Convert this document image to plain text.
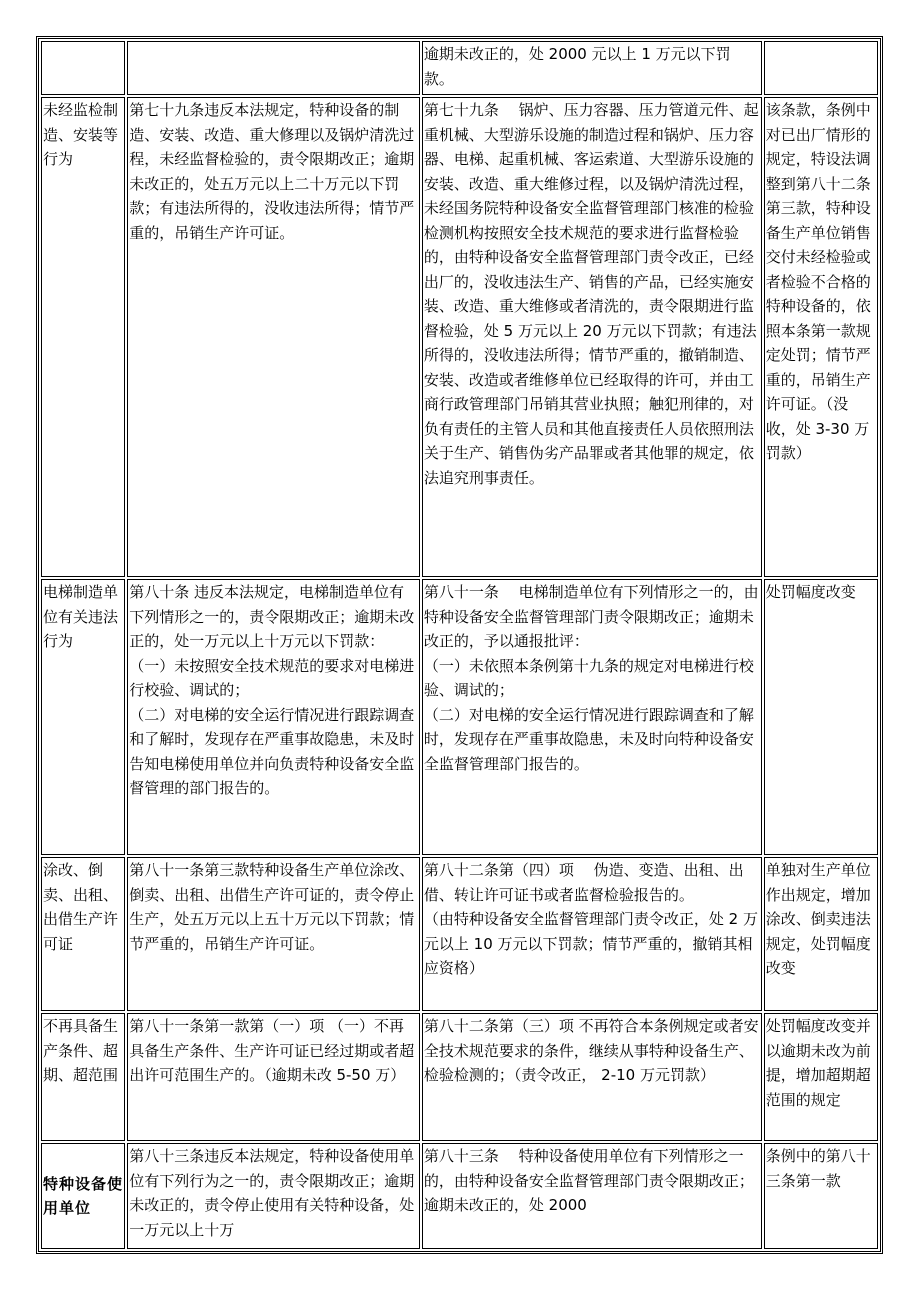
		逾期未改正的，处 2000 元以上 1 万元以下罚款。	
未经监检制造、安装等行为	第七十九条违反本法规定，特种设备的制造、安装、改造、重大修理以及锅炉清洗过程，未经监督检验的，责令限期改正；逾期未改正的，处五万元以上二十万元以下罚款；有违法所得的，没收违法所得；情节严重的，吊销生产许可证。	第七十九条　 锅炉、压力容器、压力管道元件、起重机械、大型游乐设施的制造过程和锅炉、压力容器、电梯、起重机械、客运索道、大型游乐设施的安装、改造、重大维修过程，以及锅炉清洗过程，未经国务院特种设备安全监督管理部门核准的检验检测机构按照安全技术规范的要求进行监督检验的，由特种设备安全监督管理部门责令改正，已经出厂的，没收违法生产、销售的产品，已经实施安装、改造、重大维修或者清洗的，责令限期进行监督检验，处 5 万元以上 20 万元以下罚款；有违法所得的，没收违法所得；情节严重的，撤销制造、安装、改造或者维修单位已经取得的许可，并由工商行政管理部门吊销其营业执照；触犯刑律的，对负有责任的主管人员和其他直接责任人员依照刑法关于生产、销售伪劣产品罪或者其他罪的规定，依法追究刑事责任。	该条款，条例中对已出厂情形的规定，特设法调整到第八十二条第三款，特种设备生产单位销售交付未经检验或者检验不合格的特种设备的，依照本条第一款规定处罚；情节严重的，吊销生产许可证。（没收，处 3-30 万罚款）
电梯制造单位有关违法行为	第八十条 违反本法规定，电梯制造单位有下列情形之一的，责令限期改正；逾期未改正的，处一万元以上十万元以下罚款：
（一）未按照安全技术规范的要求对电梯进行校验、调试的；
（二）对电梯的安全运行情况进行跟踪调查和了解时，发现存在严重事故隐患，未及时告知电梯使用单位并向负责特种设备安全监督管理的部门报告的。	第八十一条　 电梯制造单位有下列情形之一的，由特种设备安全监督管理部门责令限期改正；逾期未改正的，予以通报批评：
（一）未依照本条例第十九条的规定对电梯进行校验、调试的；
（二）对电梯的安全运行情况进行跟踪调查和了解时，发现存在严重事故隐患，未及时向特种设备安全监督管理部门报告的。	处罚幅度改变
涂改、倒卖、出租、出借生产许可证	第八十一条第三款特种设备生产单位涂改、倒卖、出租、出借生产许可证的，责令停止生产，处五万元以上五十万元以下罚款；情节严重的，吊销生产许可证。	第八十二条第（四）项　 伪造、变造、出租、出借、转让许可证书或者监督检验报告的。
（由特种设备安全监督管理部门责令改正，处 2 万元以上 10 万元以下罚款；情节严重的，撤销其相应资格）	单独对生产单位作出规定，增加涂改、倒卖违法规定，处罚幅度改变
不再具备生产条件、超期、超范围	第八十一条第一款第（一）项 （一）不再具备生产条件、生产许可证已经过期或者超出许可范围生产的。（逾期未改 5-50 万）	第八十二条第（三）项 不再符合本条例规定或者安全技术规范要求的条件，继续从事特种设备生产、检验检测的；（责令改正， 2-10 万元罚款）	处罚幅度改变并以逾期未改为前提，增加超期超范围的规定
特种设备使用单位	第八十三条违反本法规定，特种设备使用单位有下列行为之一的，责令限期改正；逾期未改正的，责令停止使用有关特种设备，处一万元以上十万	第八十三条　 特种设备使用单位有下列情形之一的，由特种设备安全监督管理部门责令限期改正；逾期未改正的，处 2000	条例中的第八十三条第一款
